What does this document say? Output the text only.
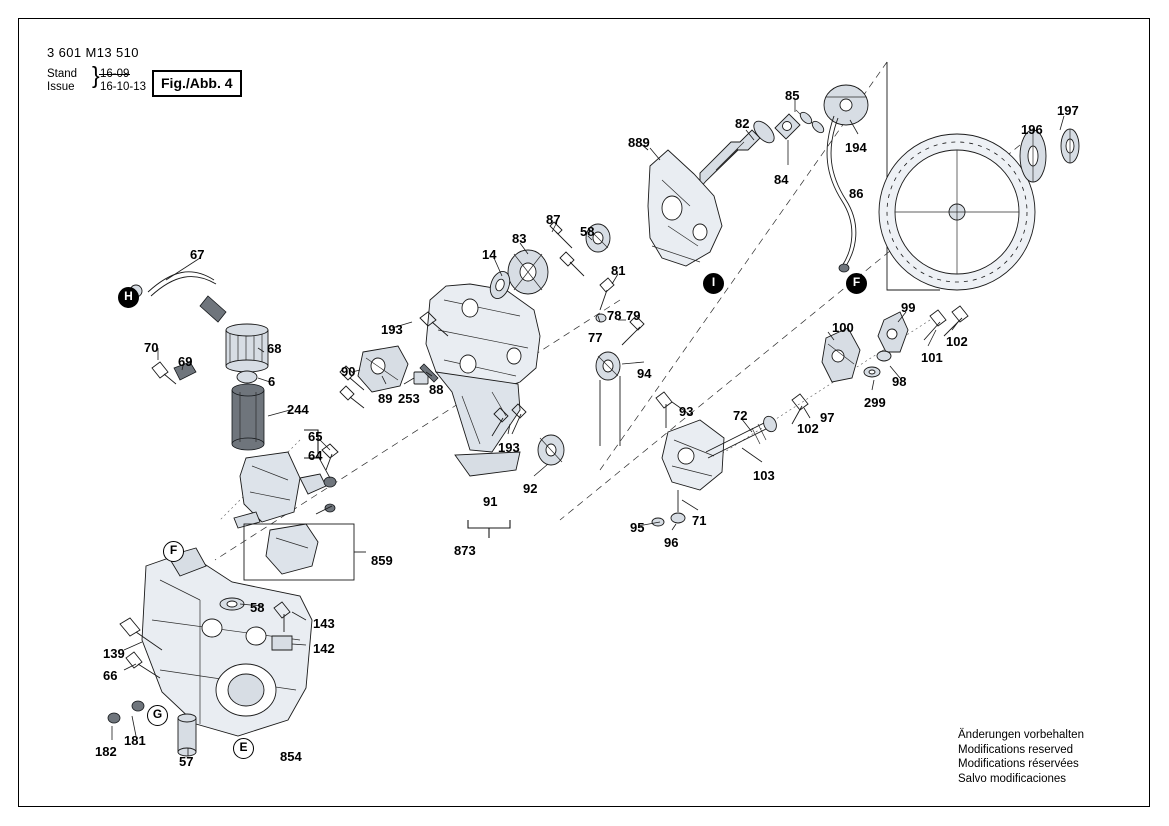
3 601 M13 510
Stand
Issue } 16-09
16-10-13	Fig./Abb. 4
6
14
57
58
58
64
65
66
67
68
69
70
71
72
77
78 79
81
82
83
84
85
86
87
88
89
90
91
92
93
94
95
96
97
98
99
100
101
102
102
103
139	142
143
181
182
193
193
194
196
197
244
253	299
854
859
873
889
H
I	F
F
G
E
Änderungen vorbehalten
Modifications reserved
Modifications réservées
Salvo modificaciones
